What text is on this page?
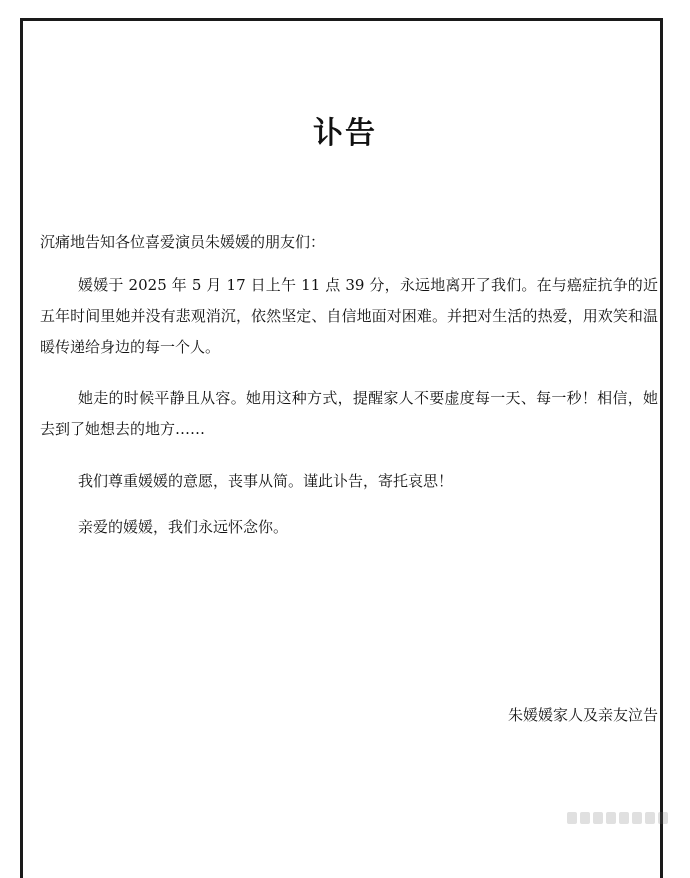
讣告
沉痛地告知各位喜爱演员朱媛媛的朋友们：

媛媛于 2025 年 5 月 17 日上午 11 点 39 分，永远地离开了我们。在与癌症抗争的近五年时间里她并没有悲观消沉，依然坚定、自信地面对困难。并把对生活的热爱，用欢笑和温暖传递给身边的每一个人。

她走的时候平静且从容。她用这种方式，提醒家人不要虚度每一天、每一秒！相信，她去到了她想去的地方……

我们尊重媛媛的意愿，丧事从简。谨此讣告，寄托哀思！

亲爱的媛媛，我们永远怀念你。

朱媛媛家人及亲友泣告
